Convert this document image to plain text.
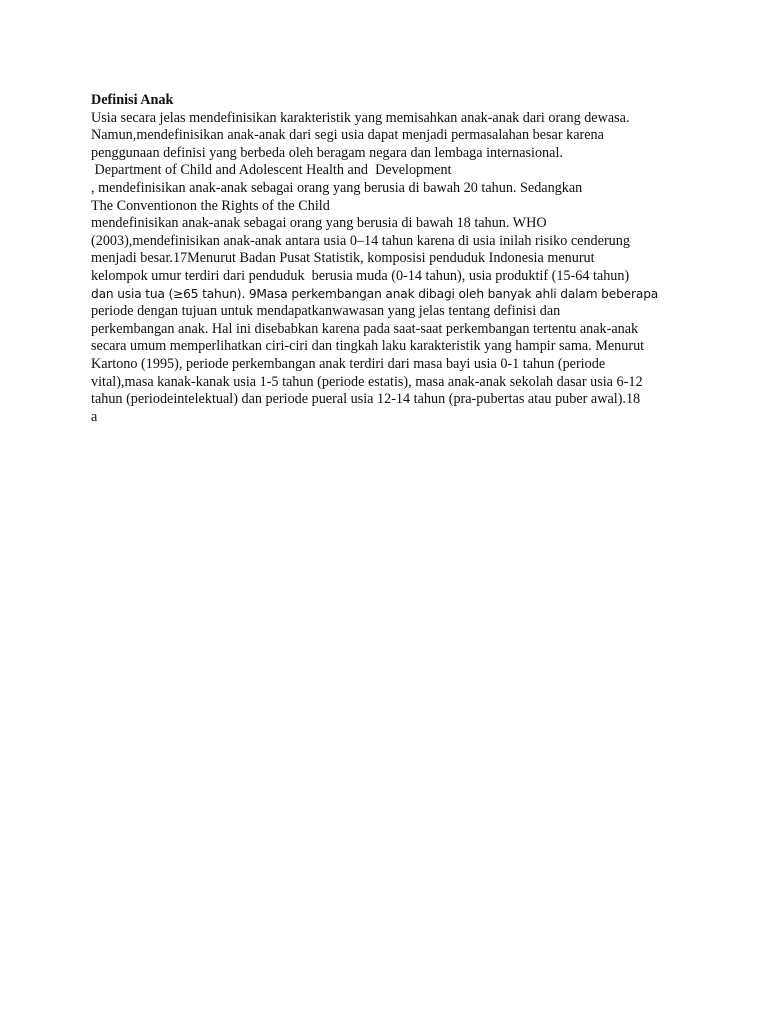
Definisi Anak
Usia secara jelas mendefinisikan karakteristik yang memisahkan anak-anak dari orang dewasa.
Namun,mendefinisikan anak-anak dari segi usia dapat menjadi permasalahan besar karena
penggunaan definisi yang berbeda oleh beragam negara dan lembaga internasional.
Department of Child and Adolescent Health and  Development
, mendefinisikan anak-anak sebagai orang yang berusia di bawah 20 tahun. Sedangkan
The Conventionon the Rights of the Child
mendefinisikan anak-anak sebagai orang yang berusia di bawah 18 tahun. WHO
(2003),mendefinisikan anak-anak antara usia 0–14 tahun karena di usia inilah risiko cenderung
menjadi besar.17Menurut Badan Pusat Statistik, komposisi penduduk Indonesia menurut
kelompok umur terdiri dari penduduk  berusia muda (0-14 tahun), usia produktif (15-64 tahun)
dan usia tua (≥65 tahun). 9Masa perkembangan anak dibagi oleh banyak ahli dalam beberapa
periode dengan tujuan untuk mendapatkanwawasan yang jelas tentang definisi dan
perkembangan anak. Hal ini disebabkan karena pada saat-saat perkembangan tertentu anak-anak
secara umum memperlihatkan ciri-ciri dan tingkah laku karakteristik yang hampir sama. Menurut
Kartono (1995), periode perkembangan anak terdiri dari masa bayi usia 0-1 tahun (periode
vital),masa kanak-kanak usia 1-5 tahun (periode estatis), masa anak-anak sekolah dasar usia 6-12
tahun (periodeintelektual) dan periode pueral usia 12-14 tahun (pra-pubertas atau puber awal).18
a
